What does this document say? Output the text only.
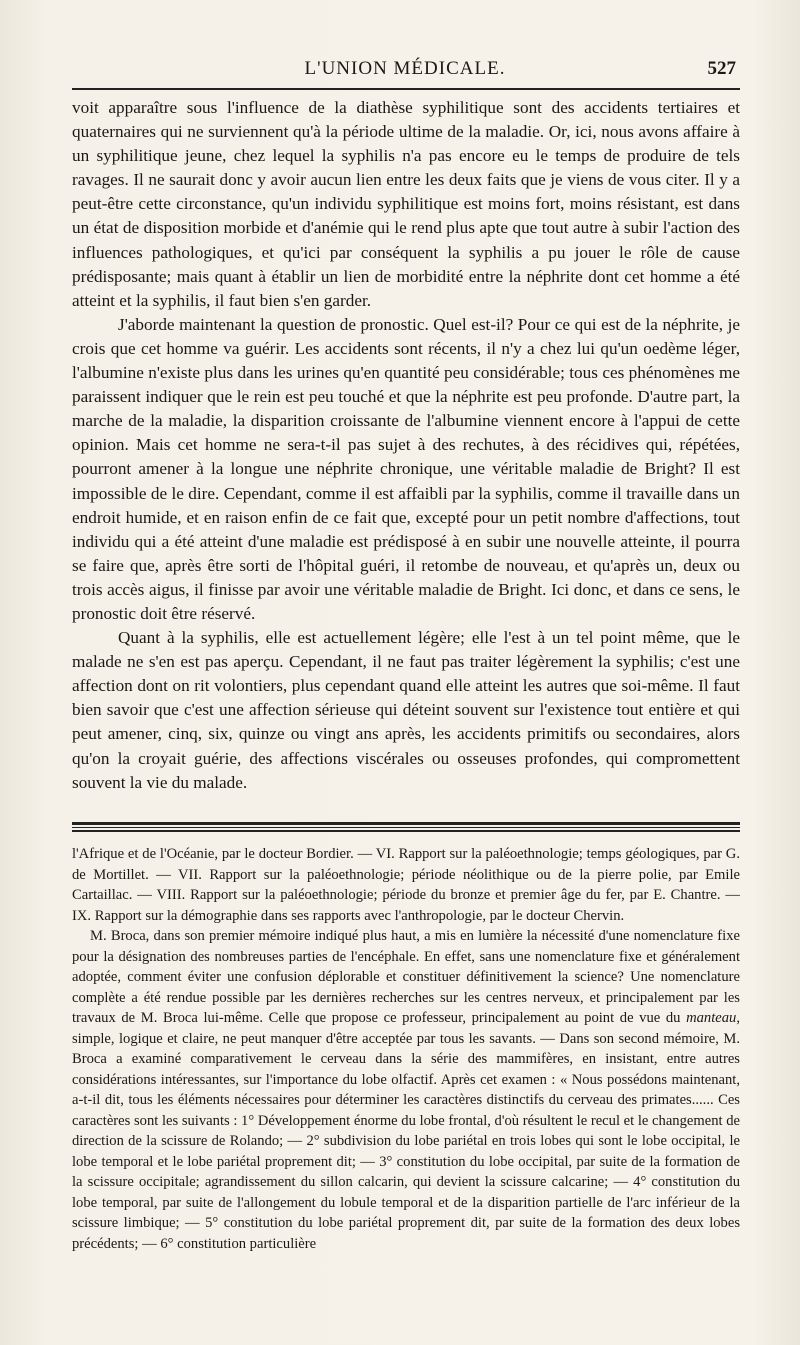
L'UNION MÉDICALE.	527

voit apparaître sous l'influence de la diathèse syphilitique sont des accidents tertiaires et quaternaires qui ne surviennent qu'à la période ultime de la maladie. Or, ici, nous avons affaire à un syphilitique jeune, chez lequel la syphilis n'a pas encore eu le temps de produire de tels ravages. Il ne saurait donc y avoir aucun lien entre les deux faits que je viens de vous citer. Il y a peut-être cette circonstance, qu'un individu syphilitique est moins fort, moins résistant, est dans un état de disposition morbide et d'anémie qui le rend plus apte que tout autre à subir l'action des influences pathologiques, et qu'ici par conséquent la syphilis a pu jouer le rôle de cause prédisposante; mais quant à établir un lien de morbidité entre la néphrite dont cet homme a été atteint et la syphilis, il faut bien s'en garder.

J'aborde maintenant la question de pronostic. Quel est-il? Pour ce qui est de la néphrite, je crois que cet homme va guérir. Les accidents sont récents, il n'y a chez lui qu'un oedème léger, l'albumine n'existe plus dans les urines qu'en quantité peu considérable; tous ces phénomènes me paraissent indiquer que le rein est peu touché et que la néphrite est peu profonde. D'autre part, la marche de la maladie, la disparition croissante de l'albumine viennent encore à l'appui de cette opinion. Mais cet homme ne sera-t-il pas sujet à des rechutes, à des récidives qui, répétées, pourront amener à la longue une néphrite chronique, une véritable maladie de Bright? Il est impossible de le dire. Cependant, comme il est affaibli par la syphilis, comme il travaille dans un endroit humide, et en raison enfin de ce fait que, excepté pour un petit nombre d'affections, tout individu qui a été atteint d'une maladie est prédisposé à en subir une nouvelle atteinte, il pourra se faire que, après être sorti de l'hôpital guéri, il retombe de nouveau, et qu'après un, deux ou trois accès aigus, il finisse par avoir une véritable maladie de Bright. Ici donc, et dans ce sens, le pronostic doit être réservé.

Quant à la syphilis, elle est actuellement légère; elle l'est à un tel point même, que le malade ne s'en est pas aperçu. Cependant, il ne faut pas traiter légèrement la syphilis; c'est une affection dont on rit volontiers, plus cependant quand elle atteint les autres que soi-même. Il faut bien savoir que c'est une affection sérieuse qui déteint souvent sur l'existence tout entière et qui peut amener, cinq, six, quinze ou vingt ans après, les accidents primitifs ou secondaires, alors qu'on la croyait guérie, des affections viscérales ou osseuses profondes, qui compromettent souvent la vie du malade.

l'Afrique et de l'Océanie, par le docteur Bordier. — VI. Rapport sur la paléoethnologie; temps géologiques, par G. de Mortillet. — VII. Rapport sur la paléoethnologie; période néolithique ou de la pierre polie, par Emile Cartaillac. — VIII. Rapport sur la paléoethnologie; période du bronze et premier âge du fer, par E. Chantre. — IX. Rapport sur la démographie dans ses rapports avec l'anthropologie, par le docteur Chervin.

M. Broca, dans son premier mémoire indiqué plus haut, a mis en lumière la nécessité d'une nomenclature fixe pour la désignation des nombreuses parties de l'encéphale. En effet, sans une nomenclature fixe et généralement adoptée, comment éviter une confusion déplorable et constituer définitivement la science? Une nomenclature complète a été rendue possible par les dernières recherches sur les centres nerveux, et principalement par les travaux de M. Broca lui-même. Celle que propose ce professeur, principalement au point de vue du manteau, simple, logique et claire, ne peut manquer d'être acceptée par tous les savants. — Dans son second mémoire, M. Broca a examiné comparativement le cerveau dans la série des mammifères, en insistant, entre autres considérations intéressantes, sur l'importance du lobe olfactif. Après cet examen : « Nous possédons maintenant, a-t-il dit, tous les éléments nécessaires pour déterminer les caractères distinctifs du cerveau des primates...... Ces caractères sont les suivants : 1° Développement énorme du lobe frontal, d'où résultent le recul et le changement de direction de la scissure de Rolando; — 2° subdivision du lobe pariétal en trois lobes qui sont le lobe occipital, le lobe temporal et le lobe pariétal proprement dit; — 3° constitution du lobe occipital, par suite de la formation de la scissure occipitale; agrandissement du sillon calcarin, qui devient la scissure calcarine; — 4° constitution du lobe temporal, par suite de l'allongement du lobule temporal et de la disparition partielle de l'arc inférieur de la scissure limbique; — 5° constitution du lobe pariétal proprement dit, par suite de la formation des deux lobes précédents; — 6° constitution particulière
